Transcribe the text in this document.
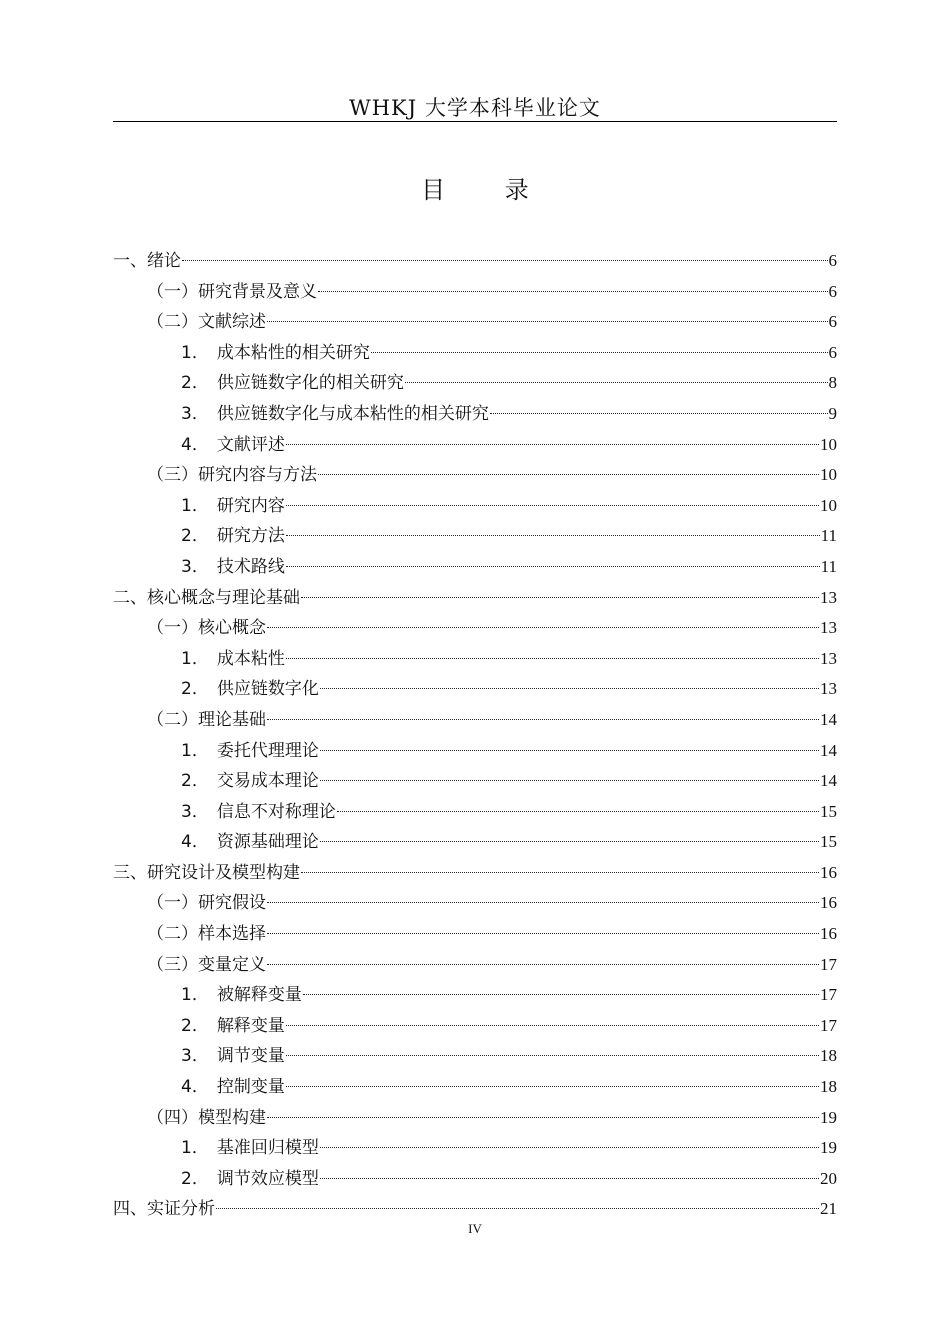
WHKJ 大学本科毕业论文
目 录
一、绪论	6
（一）研究背景及意义	6
（二）文献综述	6
1． 成本粘性的相关研究	6
2． 供应链数字化的相关研究	8
3． 供应链数字化与成本粘性的相关研究	9
4． 文献评述	10
（三）研究内容与方法	10
1． 研究内容	10
2． 研究方法	11
3． 技术路线	11
二、核心概念与理论基础	13
（一）核心概念	13
1． 成本粘性	13
2． 供应链数字化	13
（二）理论基础	14
1． 委托代理理论	14
2． 交易成本理论	14
3． 信息不对称理论	15
4． 资源基础理论	15
三、研究设计及模型构建	16
（一）研究假设	16
（二）样本选择	16
（三）变量定义	17
1． 被解释变量	17
2． 解释变量	17
3． 调节变量	18
4． 控制变量	18
（四）模型构建	19
1． 基准回归模型	19
2． 调节效应模型	20
四、实证分析	21
IV
